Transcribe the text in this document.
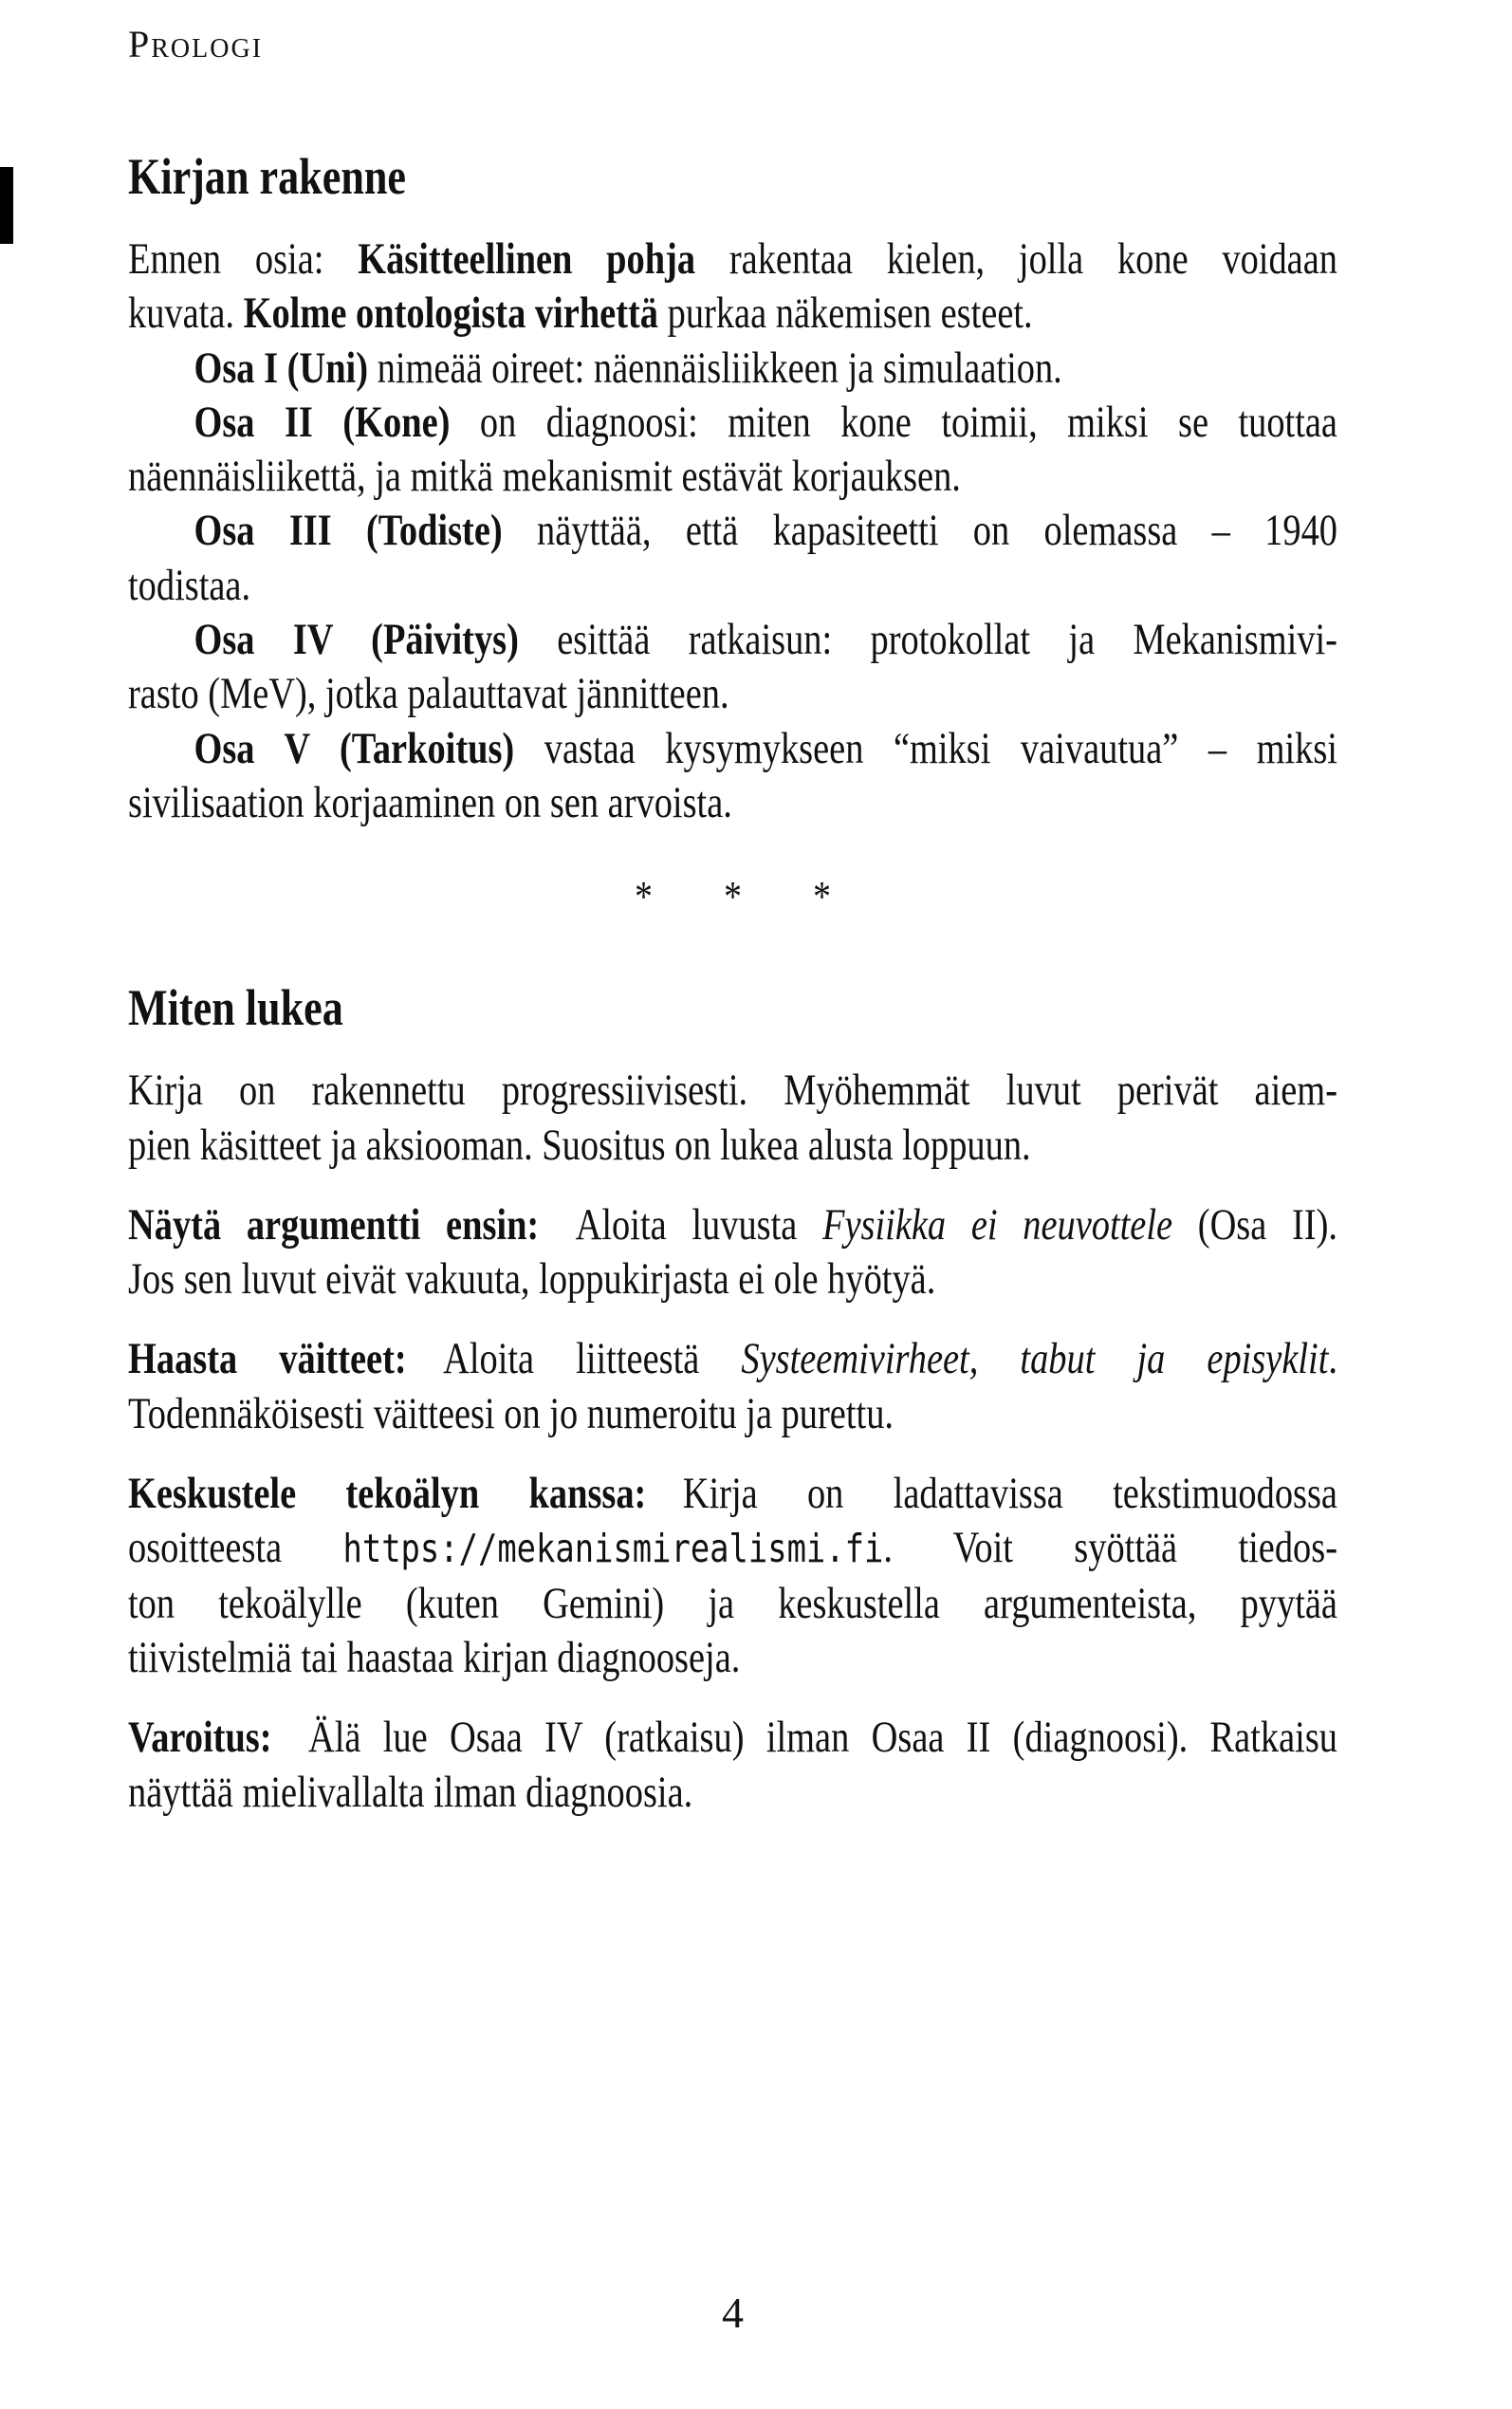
Prologi
Kirjan rakenne
Ennen osia: Käsitteellinen pohja rakentaa kielen, jolla kone voidaan
kuvata. Kolme ontologista virhettä purkaa näkemisen esteet.
Osa I (Uni) nimeää oireet: näennäisliikkeen ja simulaation.
Osa II (Kone) on diagnoosi: miten kone toimii, miksi se tuottaa
näennäisliikettä, ja mitkä mekanismit estävät korjauksen.
Osa III (Todiste) näyttää, että kapasiteetti on olemassa – 1940
todistaa.
Osa IV (Päivitys) esittää ratkaisun: protokollat ja Mekanismivi-
rasto (MeV), jotka palauttavat jännitteen.
Osa V (Tarkoitus) vastaa kysymykseen “miksi vaivautua” – miksi
sivilisaation korjaaminen on sen arvoista.
*  *  *
Miten lukea
Kirja on rakennettu progressiivisesti. Myöhemmät luvut perivät aiem-
pien käsitteet ja aksiooman. Suositus on lukea alusta loppuun.
Näytä argumentti ensin: Aloita luvusta Fysiikka ei neuvottele (Osa II).
Jos sen luvut eivät vakuuta, loppukirjasta ei ole hyötyä.
Haasta väitteet: Aloita liitteestä Systeemivirheet, tabut ja episyklit.
Todennäköisesti väitteesi on jo numeroitu ja purettu.
Keskustele tekoälyn kanssa: Kirja on ladattavissa tekstimuodossa
osoitteesta https://mekanismirealismi.fi. Voit syöttää tiedos-
ton tekoälylle (kuten Gemini) ja keskustella argumenteista, pyytää
tiivistelmiä tai haastaa kirjan diagnooseja.
Varoitus: Älä lue Osaa IV (ratkaisu) ilman Osaa II (diagnoosi). Ratkaisu
näyttää mielivallalta ilman diagnoosia.
4
